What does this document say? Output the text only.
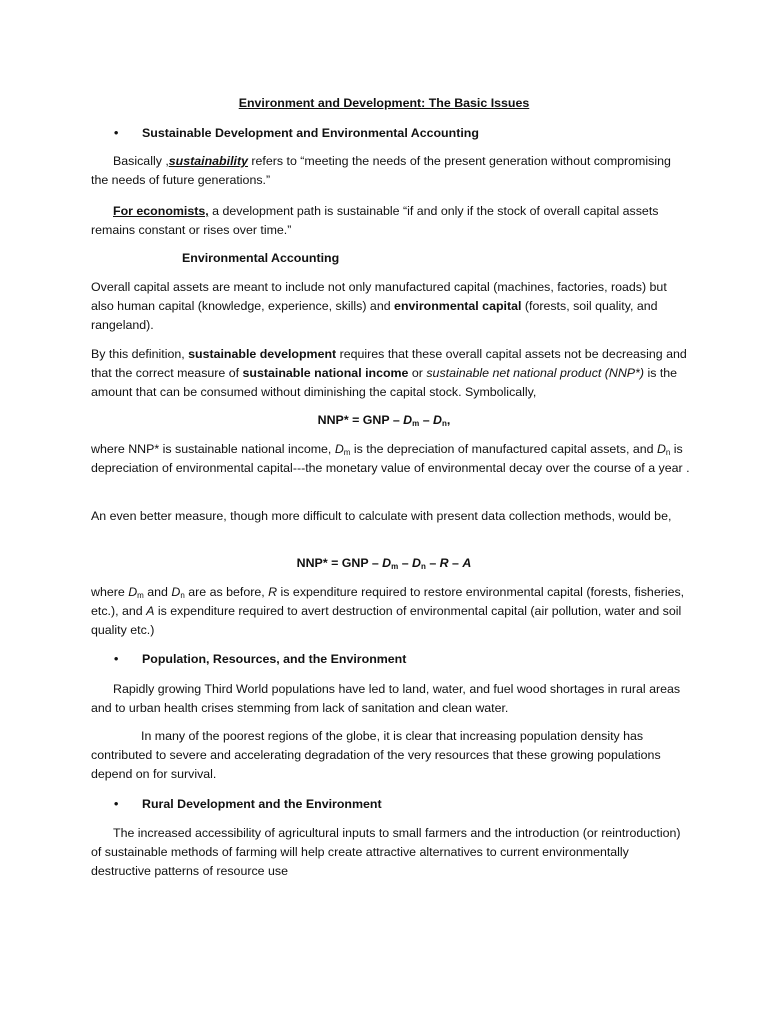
Environment and Development: The Basic Issues

• Sustainable Development and Environmental Accounting

Basically ,sustainability refers to “meeting the needs of the present generation without compromising the needs of future generations.”

For economists, a development path is sustainable “if and only if the stock of overall capital assets remains constant or rises over time.”

Environmental Accounting

Overall capital assets are meant to include not only manufactured capital (machines, factories, roads) but also human capital (knowledge, experience, skills) and environmental capital (forests, soil quality, and rangeland).

By this definition, sustainable development requires that these overall capital assets not be decreasing and that the correct measure of sustainable national income or sustainable net national product (NNP*) is the amount that can be consumed without diminishing the capital stock. Symbolically,

NNP* = GNP – $D_m - D_n$,

where NNP* is sustainable national income, $D_m$ is the depreciation of manufactured capital assets, and $D_n$ is depreciation of environmental capital---the monetary value of environmental decay over the course of a year .

An even better measure, though more difficult to calculate with present data collection methods, would be,

NNP* = GNP – $D_m - D_n$ – R – A

where $D_m$ and $D_n$ are as before, R is expenditure required to restore environmental capital (forests, fisheries, etc.), and A is expenditure required to avert destruction of environmental capital (air pollution, water and soil quality etc.)

• Population, Resources, and the Environment

Rapidly growing Third World populations have led to land, water, and fuel wood shortages in rural areas and to urban health crises stemming from lack of sanitation and clean water.

In many of the poorest regions of the globe, it is clear that increasing population density has contributed to severe and accelerating degradation of the very resources that these growing populations depend on for survival.

• Rural Development and the Environment

The increased accessibility of agricultural inputs to small farmers and the introduction (or reintroduction) of sustainable methods of farming will help create attractive alternatives to current environmentally destructive patterns of resource use
